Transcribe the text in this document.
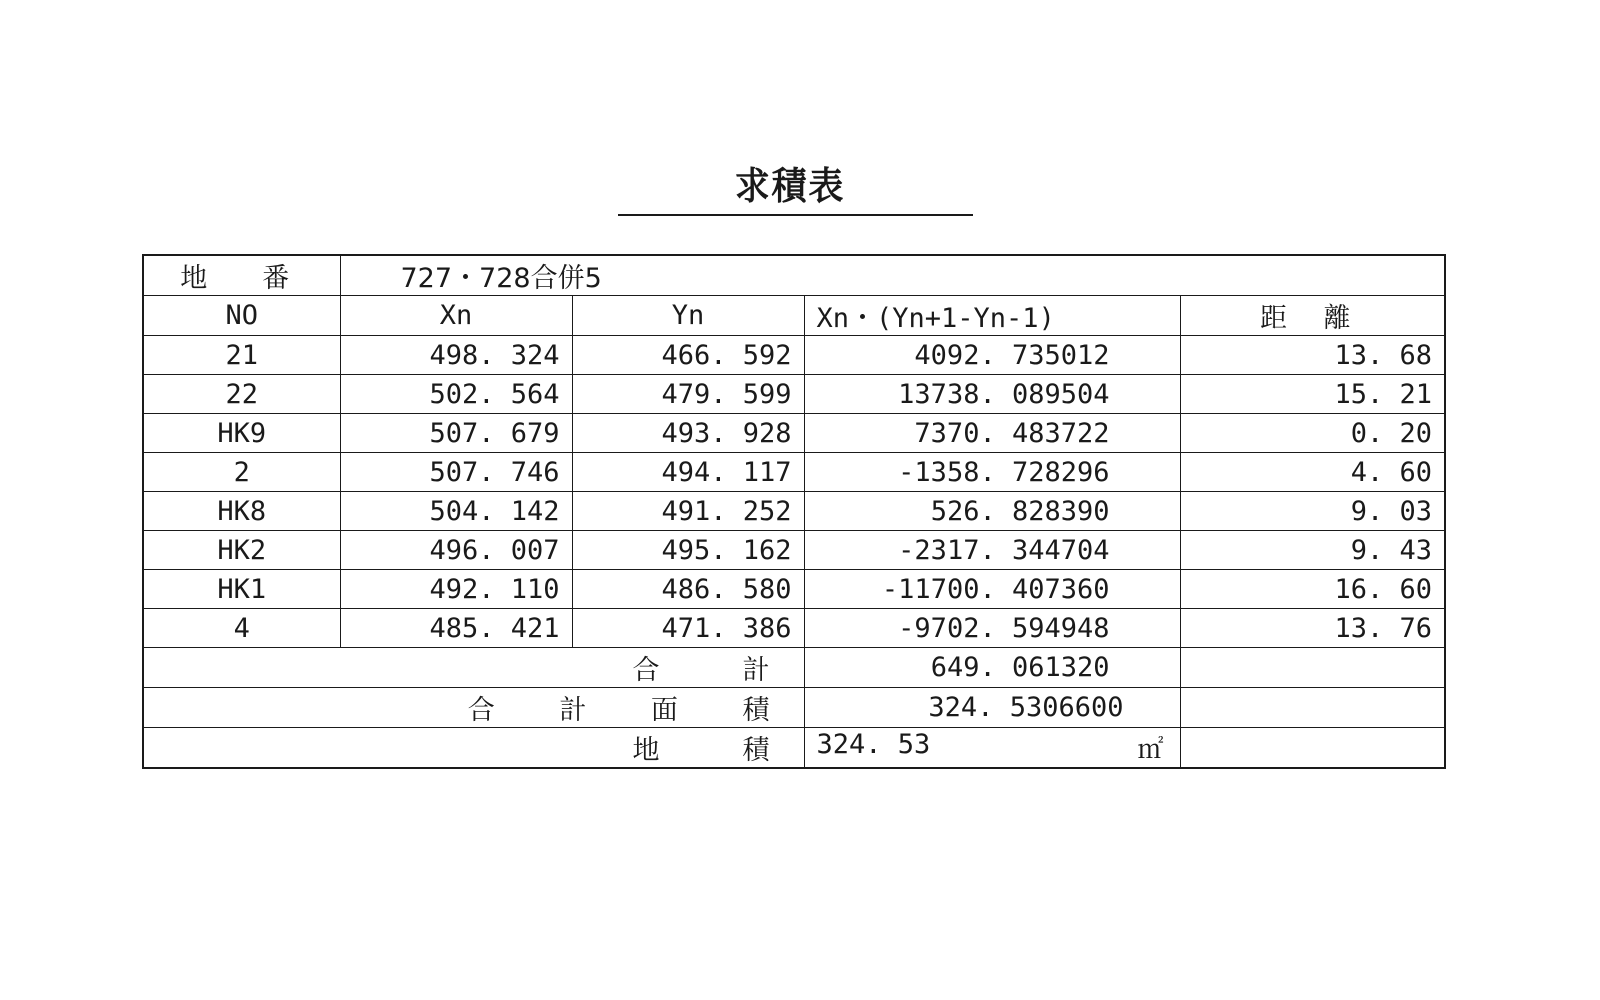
求積表
地　番	727・728合併5			
NO	Xn	Yn	Xn・(Yn+1-Yn-1)	距 離
21	498. 324	466. 592	4092. 735012	13. 68
22	502. 564	479. 599	13738. 089504	15. 21
HK9	507. 679	493. 928	7370. 483722	0. 20
2	507. 746	494. 117	-1358. 728296	4. 60
HK8	504. 142	491. 252	526. 828390	9. 03
HK2	496. 007	495. 162	-2317. 344704	9. 43
HK1	492. 110	486. 580	-11700. 407360	16. 60
4	485. 421	471. 386	-9702. 594948	13. 76
合　計			649. 061320	
合 計 面 積			324. 5306600	
地　積			324. 53 ㎡	
